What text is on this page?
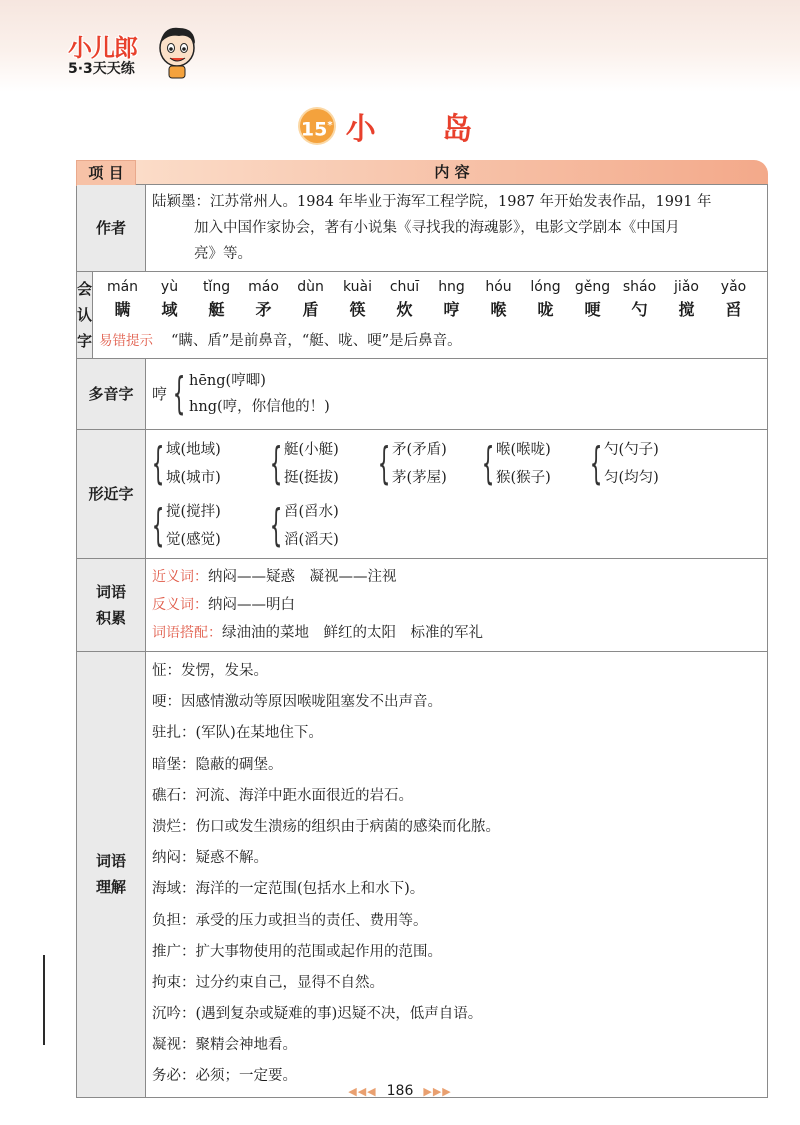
小儿郎
5·3天天练
15* 小 岛
项 目	内 容
作者

陆颖墨：江苏常州人。1984 年毕业于海军工程学院，1987 年开始发表作品，1991 年

加入中国作家协会，著有小说集《寻找我的海魂影》，电影文学剧本《中国月

亮》等。

会认字
mán
瞒
yù
域
tǐng
艇
máo
矛
dùn
盾
kuài
筷
chuī
炊
hng
哼
hóu
喉
lóng
咙
gěng
哽
sháo
勺
jiǎo
搅
yǎo
舀
易错提示 “瞒、盾”是前鼻音，“艇、咙、哽”是后鼻音。
多音字	哼 { hēng(哼唧)
hng(哼，你信他的！)
形近字
{ 域(地域)
城(城市) { 艇(小艇)
挺(挺拔) { 矛(矛盾)
茅(茅屋) { 喉(喉咙)
猴(猴子) { 勺(勺子)
匀(均匀)
{ 搅(搅拌)
觉(感觉) { 舀(舀水)
滔(滔天)
词语
积累
近义词：纳闷——疑惑　凝视——注视
反义词：纳闷——明白
词语搭配：绿油油的菜地　鲜红的太阳　标准的军礼
词语
理解
怔：发愣，发呆。
哽：因感情激动等原因喉咙阻塞发不出声音。
驻扎：(军队)在某地住下。
暗堡：隐蔽的碉堡。
礁石：河流、海洋中距水面很近的岩石。
溃烂：伤口或发生溃疡的组织由于病菌的感染而化脓。
纳闷：疑惑不解。
海域：海洋的一定范围(包括水上和水下)。
负担：承受的压力或担当的责任、费用等。
推广：扩大事物使用的范围或起作用的范围。
拘束：过分约束自己，显得不自然。
沉吟：(遇到复杂或疑难的事)迟疑不决，低声自语。
凝视：聚精会神地看。
务必：必须；一定要。
◀◀◀ 186 ▶▶▶
